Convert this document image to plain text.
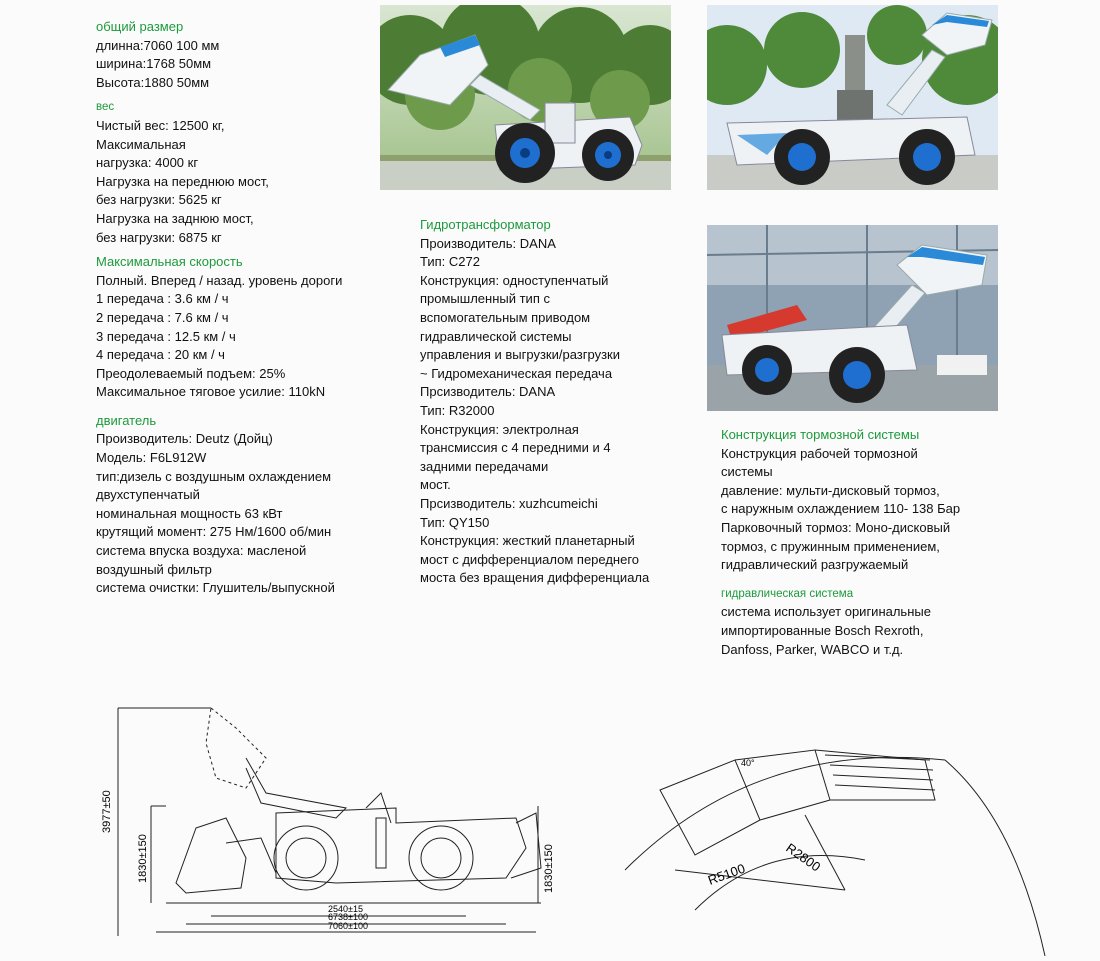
общий размер
длинна:7060 100 мм
ширина:1768 50мм
Высота:1880 50мм
вес
Чистый вес: 12500 кг,
Максимальная
нагрузка: 4000 кг
Нагрузка на переднюю мост,
без нагрузки: 5625 кг
Нагрузка на заднюю мост,
без нагрузки: 6875 кг
Максимальная скорость
Полный. Вперед / назад. уровень дороги
1 передача : 3.6 км / ч
2 передача : 7.6 км / ч
3 передача : 12.5 км / ч
4 передача : 20 км / ч
Преодолеваемый подъем: 25%
Максимальное тяговое усилие: 110kN
двигатель
Производитель: Deutz (Дойц)
Модель: F6L912W
тип:дизель с воздушным охлаждением
двухступенчатый
номинальная мощность 63 кВт
крутящий момент: 275 Нм/1600 об/мин
система впуска воздуха: масленой
воздушный фильтр
система очистки: Глушитель/выпускной
Гидротрансформатор
Производитель: DANA
Тип: C272
Конструкция: одноступенчатый
промышленный тип с
вспомогательным приводом
гидравлической системы
управления и выгрузки/разгрузки
~ Гидромеханическая передача
Прсизводитель: DANA
Тип: R32000
Конструкция: электролная
трансмиссия с 4 передними и 4
задними передачами
мост.
Прсизводитель: xuzhcumeichi
Тип: QY150
Конструкция: жесткий планетарный
мост с дифференциалом переднего
моста без вращения дифференциала
Конструкция тормозной системы
Конструкция рабочей тормозной
системы
давление: мульти-дисковый тормоз,
с наружным охлаждением 110- 138 Бар
Парковочный тормоз: Моно-дисковый
тормоз, с пружинным применением,
гидравлический разгружаемый
гидравлическая система
система использует оригинальные
импортированные Bosch Rexroth,
Danfoss, Parker, WABCO и т.д.
3977±50
1830±150	1830±150
2540±15
6738±100
7060±100
40°
R5100	R2800
